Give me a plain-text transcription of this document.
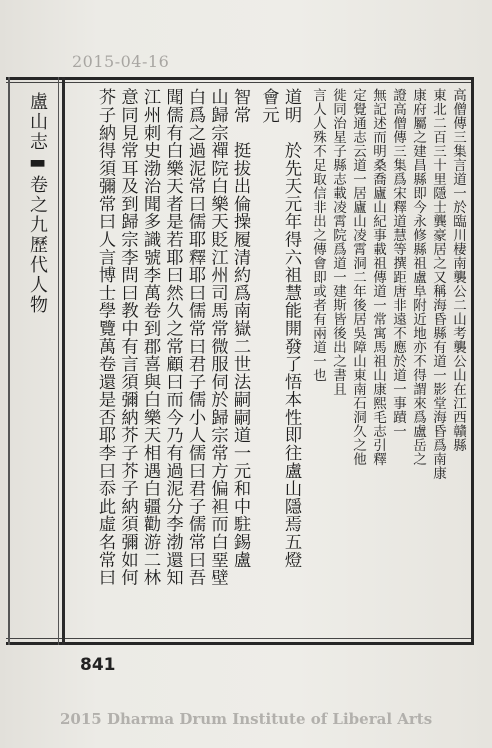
2015-04-16
盧山志▬卷之九歷代人物	高僧傳三集言道一於臨川棲南襲公二山考襲公山在江西贛縣
東北二百三十里隱士龔豪居之又稱海昏縣有道一影堂海昏爲南康
康府屬之建昌縣即今永修縣祖盧阜附近地亦不得謂來爲盧岳之
證高僧傳三集爲宋釋道慧等撰距唐非遠不應於道一事蹟一
無記述而明桑喬廬山紀事載祖傳道一常寓馬祖山康熙毛志引釋
定覺通志云道一居廬山凌霄洞二年後居吳障山東南石洞久之他
徙同治星子縣志載凌霄院爲道一建斯皆後出之書且
言人人殊不足取信非出之傳會即或者有兩道一也
道明　於先天元年得六祖慧能開發了悟本性即往盧山隱焉五燈
會元
智常　挺拔出倫操履清約爲南嶽二世法嗣嗣道一元和中駐錫盧
山歸宗禪院白樂天貶江州司馬常微服伺於歸宗常方偏袒而白堊壁
白爲之過泥常曰儒耶釋耶曰儒常曰君子儒小人儒曰君子儒常曰吾
聞儒有白樂天者是若耶曰然久之常顧曰而今乃有過泥分李渤還知
江州刺史渤治聞多識號李萬卷到郡喜與白樂天相遇白疆勸游二林
意同見常耳及到歸宗李問曰教中有言須彌納芥子芥子納須彌如何
芥子納得須彌常曰人言博士學覽萬卷還是否耶李曰忝此虛名常曰
841
2015 Dharma Drum Institute of Liberal Arts
